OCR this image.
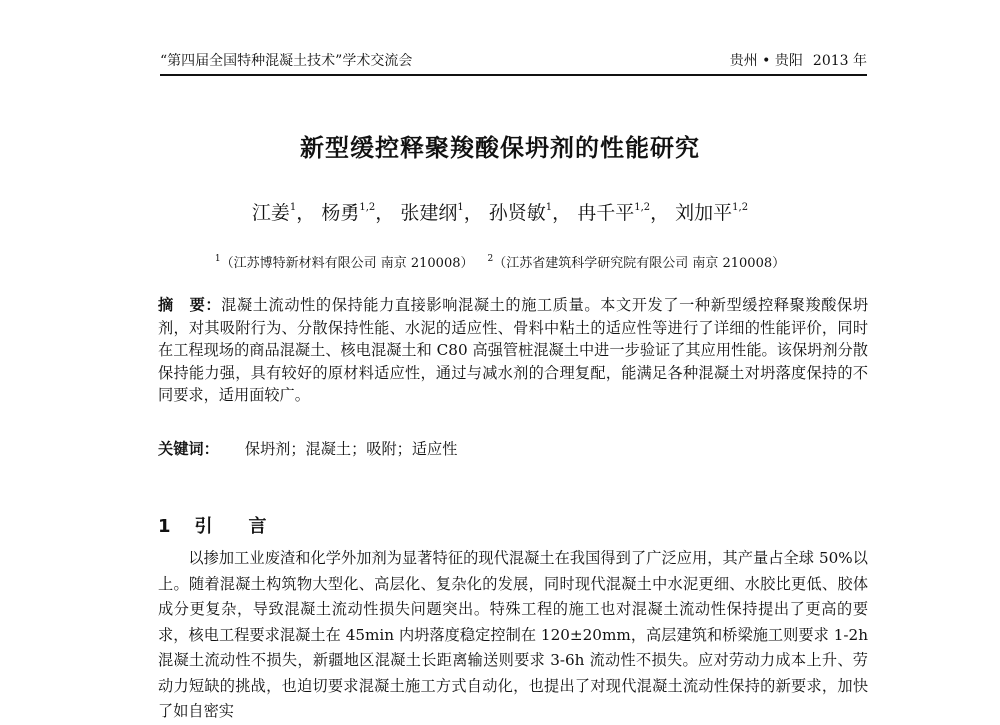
“第四届全国特种混凝土技术”学术交流会	贵州 • 贵阳 2013 年
新型缓控释聚羧酸保坍剂的性能研究
江姜$^1$， 杨勇$^{1,2}$， 张建纲$^1$， 孙贤敏$^1$， 冉千平$^{1,2}$， 刘加平$^{1,2}$
$^1$（江苏博特新材料有限公司 南京 210008） $^2$（江苏省建筑科学研究院有限公司 南京 210008）
摘　要：混凝土流动性的保持能力直接影响混凝土的施工质量。本文开发了一种新型缓控释聚羧酸保坍剂，对其吸附行为、分散保持性能、水泥的适应性、骨料中粘土的适应性等进行了详细的性能评价，同时在工程现场的商品混凝土、核电混凝土和 C80 高强管桩混凝土中进一步验证了其应用性能。该保坍剂分散保持能力强，具有较好的原材料适应性，通过与减水剂的合理复配，能满足各种混凝土对坍落度保持的不同要求，适用面较广。
关键词： 保坍剂；混凝土；吸附；适应性
1 引　　言
以掺加工业废渣和化学外加剂为显著特征的现代混凝土在我国得到了广泛应用，其产量占全球 50%以上。随着混凝土构筑物大型化、高层化、复杂化的发展，同时现代混凝土中水泥更细、水胶比更低、胶体成分更复杂，导致混凝土流动性损失问题突出。特殊工程的施工也对混凝土流动性保持提出了更高的要求，核电工程要求混凝土在 45min 内坍落度稳定控制在 120±20mm，高层建筑和桥梁施工则要求 1-2h 混凝土流动性不损失，新疆地区混凝土长距离输送则要求 3-6h 流动性不损失。应对劳动力成本上升、劳动力短缺的挑战，也迫切要求混凝土施工方式自动化，也提出了对现代混凝土流动性保持的新要求，加快了如自密实
